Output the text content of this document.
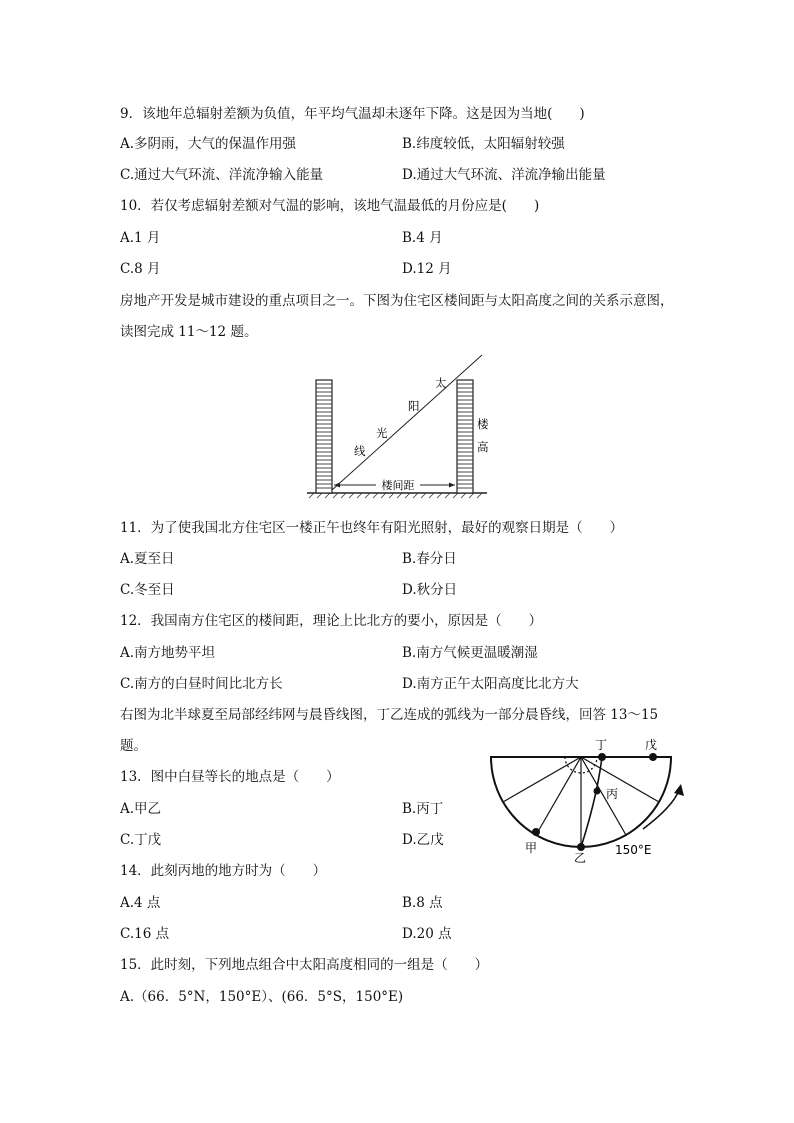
9．该地年总辐射差额为负值，年平均气温却未逐年下降。这是因为当地(　　)
A.多阴雨，大气的保温作用强	B.纬度较低，太阳辐射较强
C.通过大气环流、洋流净输入能量	D.通过大气环流、洋流净输出能量
10．若仅考虑辐射差额对气温的影响，该地气温最低的月份应是(　　)
A.1 月	B.4 月
C.8 月	D.12 月
房地产开发是城市建设的重点项目之一。下图为住宅区楼间距与太阳高度之间的关系示意图，
读图完成 11～12 题。
楼间距
太
阳
光
线
楼
高
11．为了使我国北方住宅区一楼正午也终年有阳光照射，最好的观察日期是（　　）
A.夏至日	B.春分日
C.冬至日	D.秋分日
12．我国南方住宅区的楼间距，理论上比北方的要小，原因是（　　）
A.南方地势平坦	B.南方气候更温暖潮湿
C.南方的白昼时间比北方长	D.南方正午太阳高度比北方大
右图为北半球夏至局部经纬网与晨昏线图，丁乙连成的弧线为一部分晨昏线，回答 13～15
题。	丁	戊
丙
甲
乙
150°E
13．图中白昼等长的地点是（　　）
A.甲乙	B.丙丁
C.丁戊	D.乙戊
14．此刻丙地的地方时为（　　）
A.4 点	B.8 点
C.16 点	D.20 点
15．此时刻，下列地点组合中太阳高度相同的一组是（　　）
A.（66．5°N，150°E）、(66．5°S，150°E)
